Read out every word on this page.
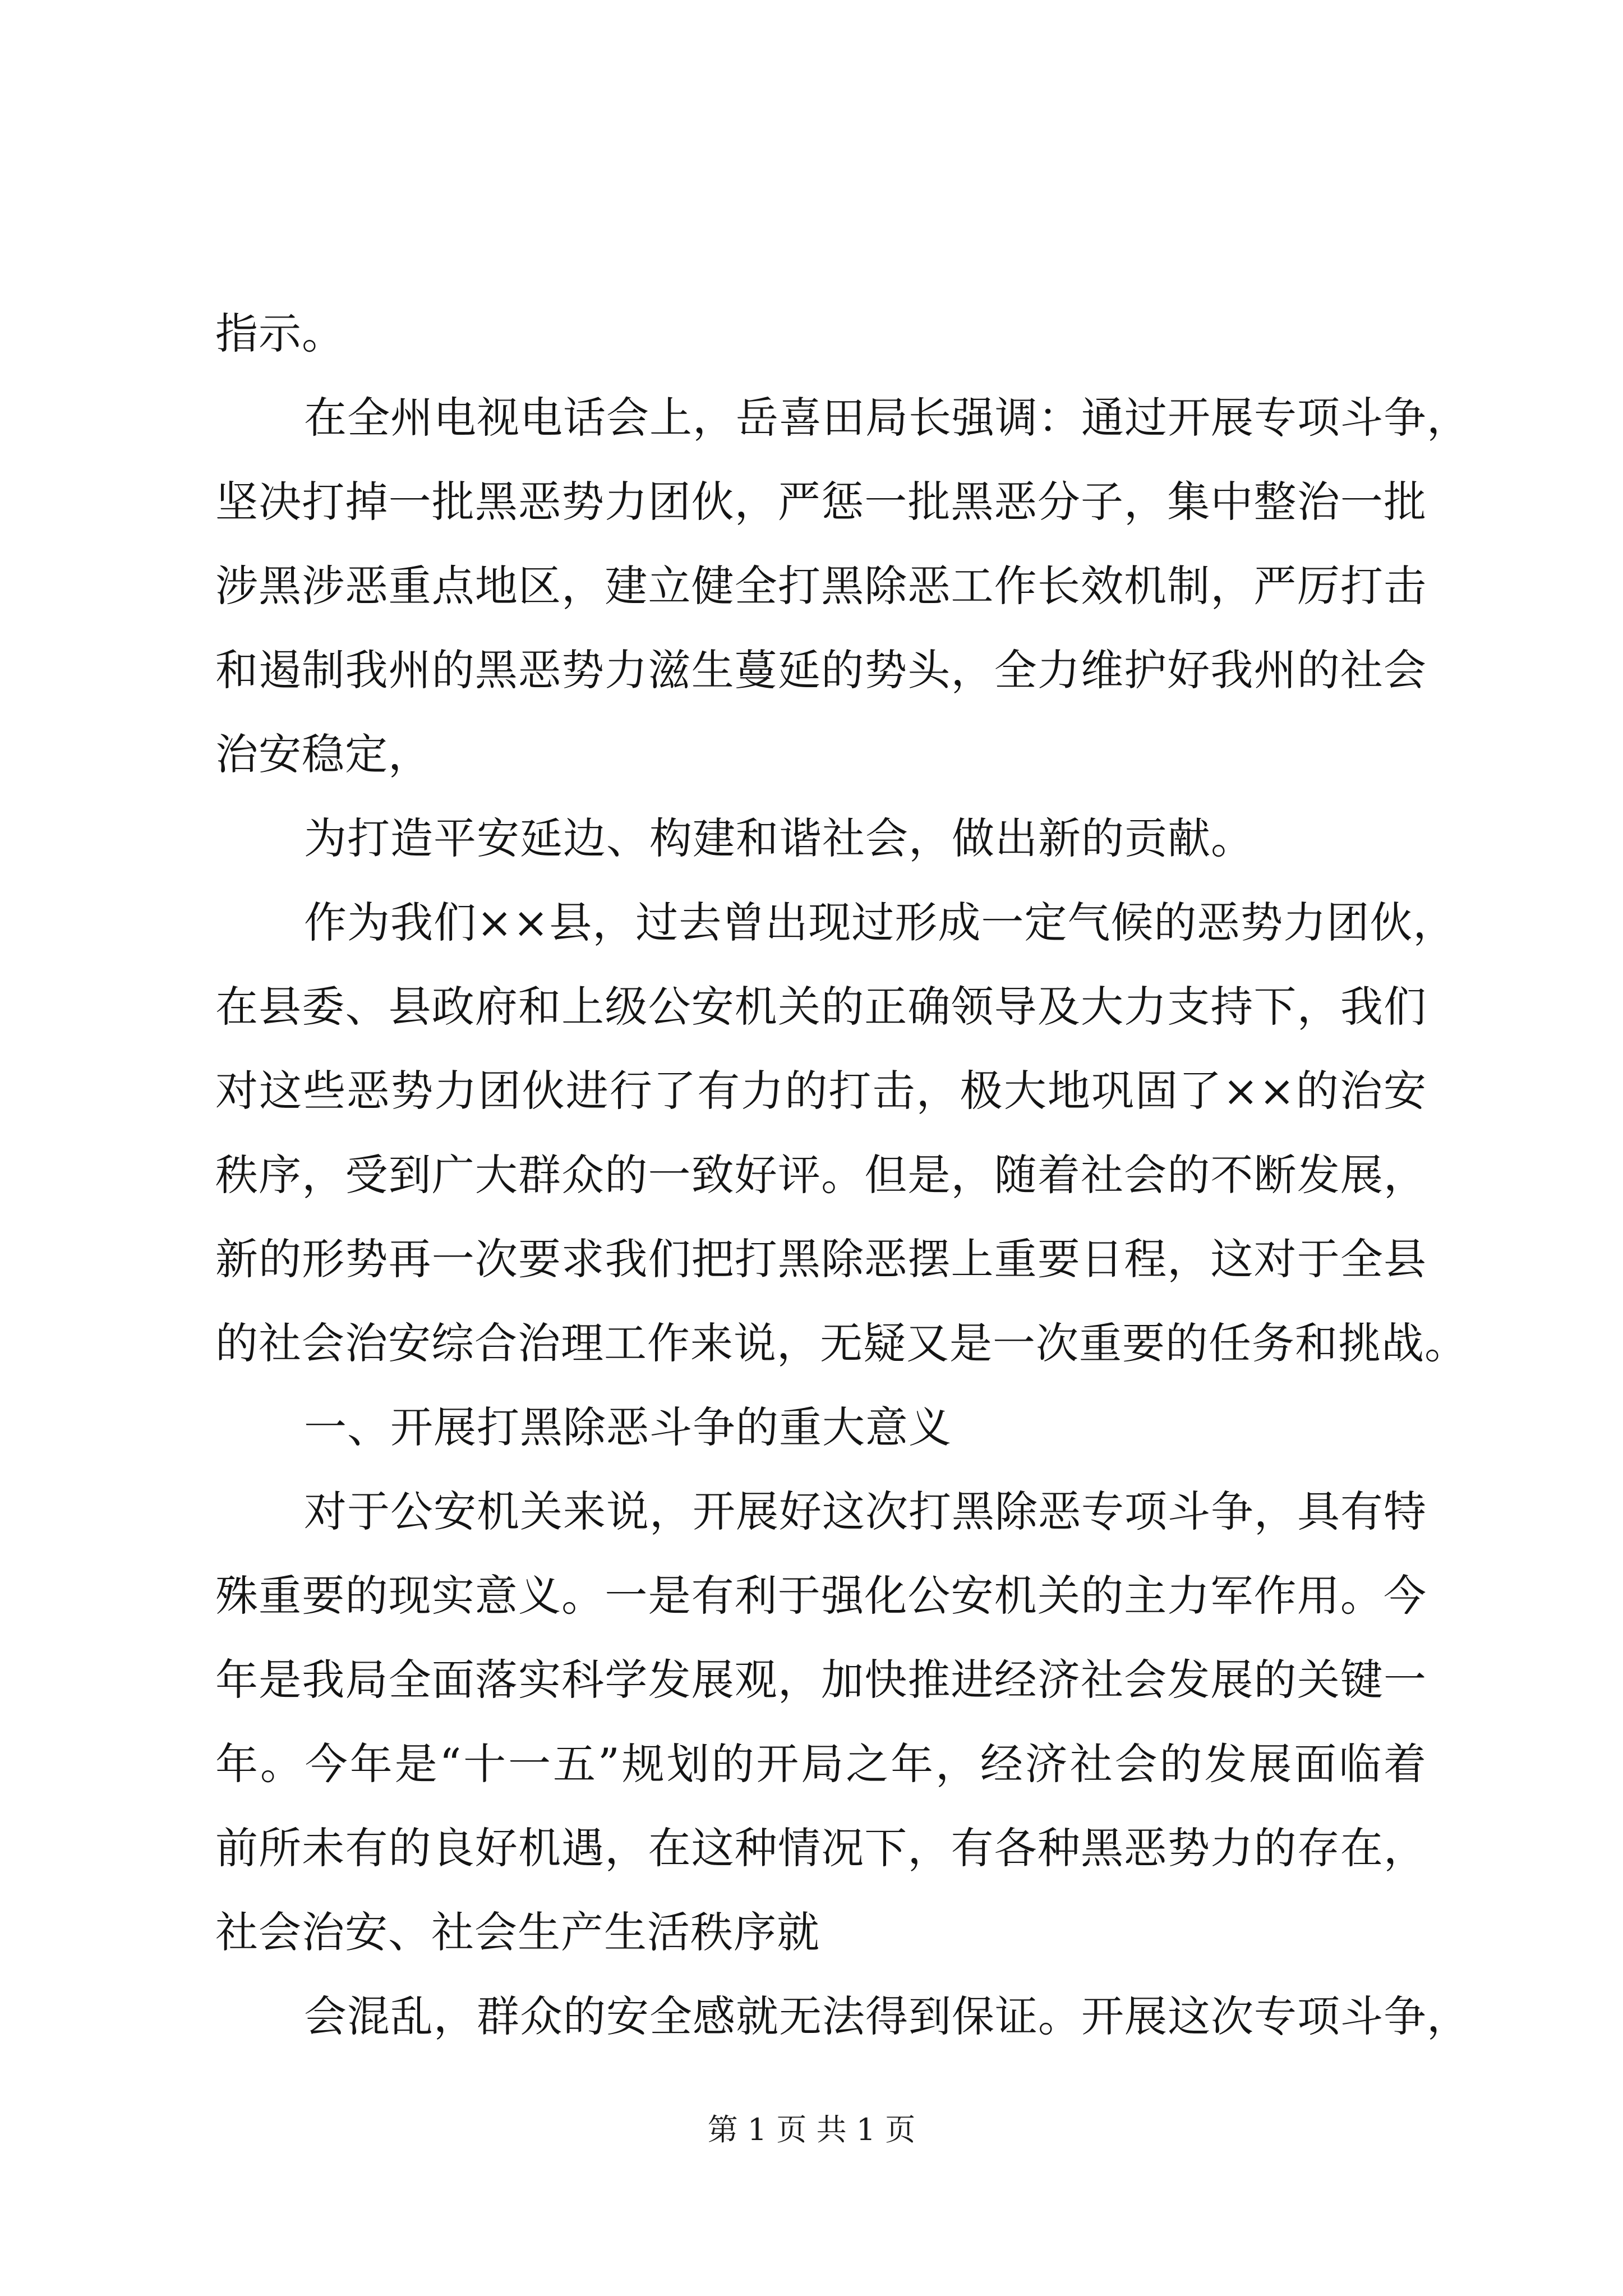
指示。
在全州电视电话会上，岳喜田局长强调：通过开展专项斗争，
坚决打掉一批黑恶势力团伙，严惩一批黑恶分子，集中整治一批
涉黑涉恶重点地区，建立健全打黑除恶工作长效机制，严厉打击
和遏制我州的黑恶势力滋生蔓延的势头，全力维护好我州的社会
治安稳定，
为打造平安延边、构建和谐社会，做出新的贡献。
作为我们××县，过去曾出现过形成一定气候的恶势力团伙，
在县委、县政府和上级公安机关的正确领导及大力支持下，我们
对这些恶势力团伙进行了有力的打击，极大地巩固了××的治安
秩序，受到广大群众的一致好评。但是，随着社会的不断发展，
新的形势再一次要求我们把打黑除恶摆上重要日程，这对于全县
的社会治安综合治理工作来说，无疑又是一次重要的任务和挑战。
一、开展打黑除恶斗争的重大意义
对于公安机关来说，开展好这次打黑除恶专项斗争，具有特
殊重要的现实意义。一是有利于强化公安机关的主力军作用。今
年是我局全面落实科学发展观，加快推进经济社会发展的关键一
年。今年是“十一五”规划的开局之年，经济社会的发展面临着
前所未有的良好机遇，在这种情况下，有各种黑恶势力的存在，
社会治安、社会生产生活秩序就
会混乱，群众的安全感就无法得到保证。开展这次专项斗争，
第 1 页 共 1 页
